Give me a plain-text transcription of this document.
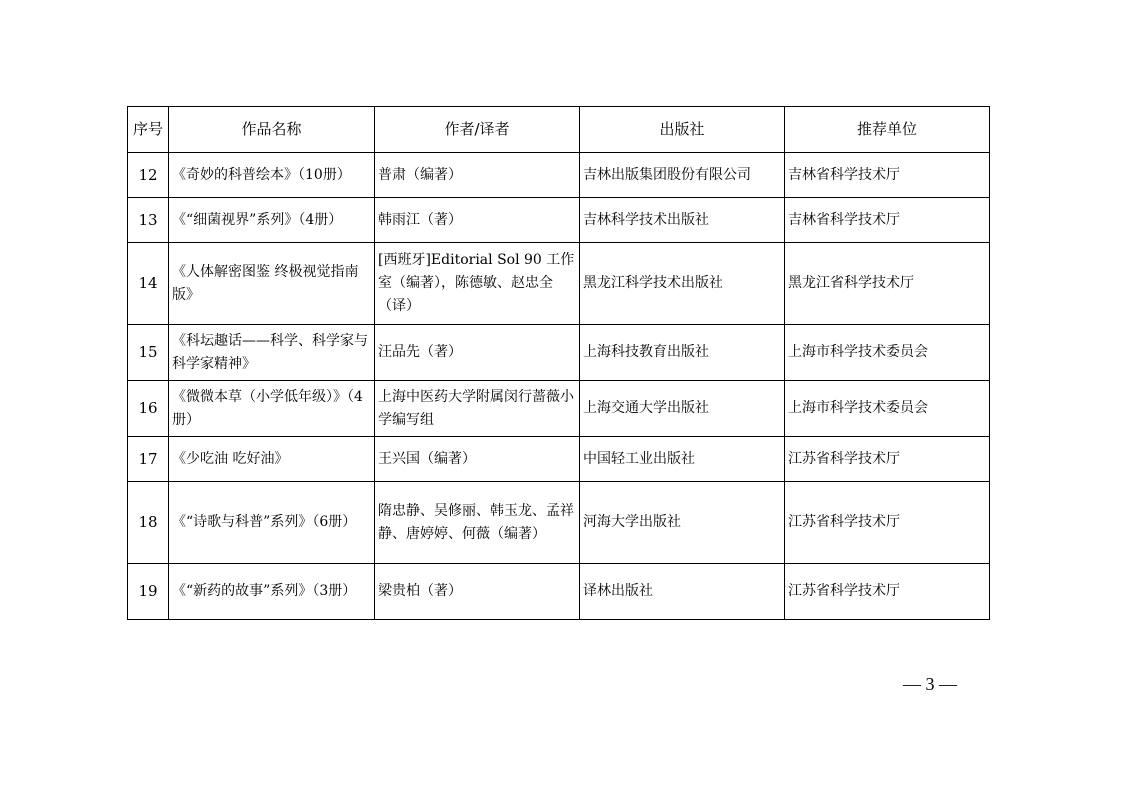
序号	作品名称	作者/译者	出版社	推荐单位
12	《奇妙的科普绘本》（10册）	普肃（编著）	吉林出版集团股份有限公司	吉林省科学技术厅
13	《“细菌视界”系列》（4册）	韩雨江（著）	吉林科学技术出版社	吉林省科学技术厅
14	《人体解密图鉴 终极视觉指南版》	[西班牙]Editorial Sol 90 工作室（编著），陈德敏、赵忠全（译）	黑龙江科学技术出版社	黑龙江省科学技术厅
15	《科坛趣话——科学、科学家与科学家精神》	汪品先（著）	上海科技教育出版社	上海市科学技术委员会
16	《微微本草（小学低年级）》（4册）	上海中医药大学附属闵行蔷薇小学编写组	上海交通大学出版社	上海市科学技术委员会
17	《少吃油 吃好油》	王兴国（编著）	中国轻工业出版社	江苏省科学技术厅
18	《“诗歌与科普”系列》（6册）	隋忠静、吴修丽、韩玉龙、孟祥静、唐婷婷、何薇（编著）	河海大学出版社	江苏省科学技术厅
19	《“新药的故事”系列》（3册）	梁贵柏（著）	译林出版社	江苏省科学技术厅
— 3 —
